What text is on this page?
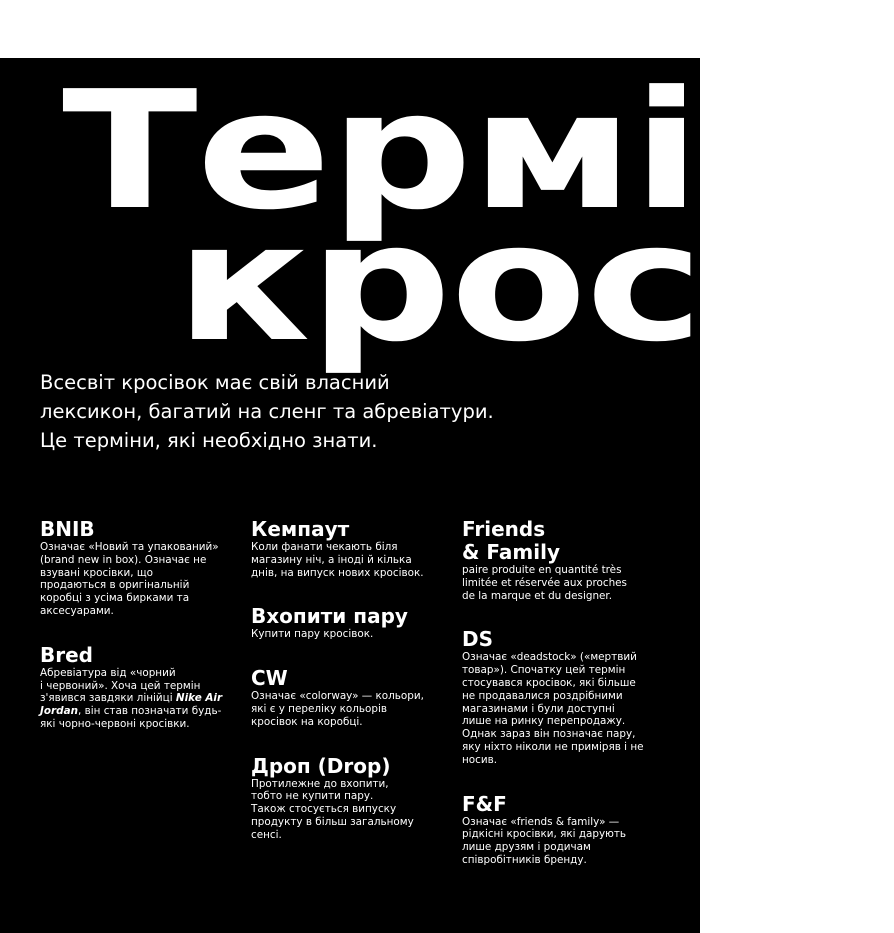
Термін
кросів

Всесвіт кросівок має свій власний
лексикон, багатий на сленг та абревіатури.
Це терміни, які необхідно знати.

BNIB

Означає «Новий та упакований»
(brand new in box). Означає не
взувані кросівки, що
продаються в оригінальній
коробці з усіма бирками та
аксесуарами.

Bred

Абревіатура від «чорний
і червоний». Хоча цей термін
з'явився завдяки лінійці Nike Air
Jordan, він став позначати будь-
які чорно-червоні кросівки.

Кемпаут

Коли фанати чекають біля
магазину ніч, а іноді й кілька
днів, на випуск нових кросівок.

Вхопити пару

Купити пару кросівок.

CW

Означає «colorway» — кольори,
які є у переліку кольорів
кросівок на коробці.

Дроп (Drop)

Протилежне до вхопити,
тобто не купити пару.
Також стосується випуску
продукту в більш загальному
сенсі.

Friends
& Family

paire produite en quantité très
limitée et réservée aux proches
de la marque et du designer.

DS

Означає «deadstock» («мертвий
товар»). Спочатку цей термін
стосувався кросівок, які більше
не продавалися роздрібними
магазинами і були доступні
лише на ринку перепродажу.
Однак зараз він позначає пару,
яку ніхто ніколи не приміряв і не
носив.

F&F

Означає «friends & family» —
рідкісні кросівки, які дарують
лише друзям і родичам
співробітників бренду.
